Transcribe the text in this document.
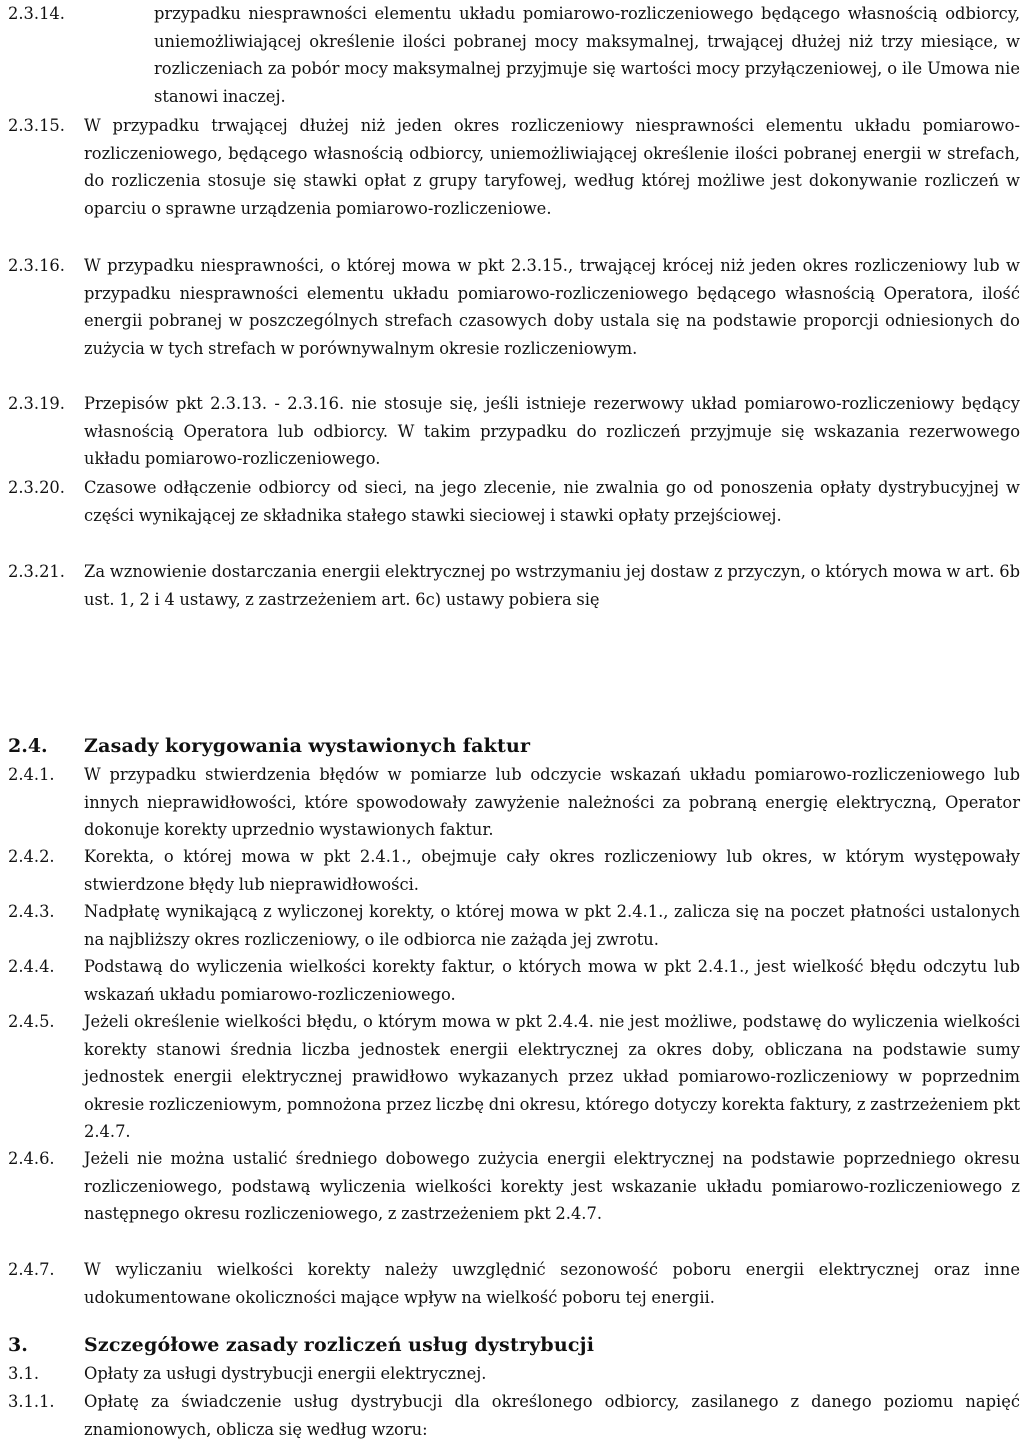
2.3.14.	przypadku niesprawności elementu układu pomiarowo-rozliczeniowego będącego własnością odbiorcy, uniemożliwiającej określenie ilości pobranej mocy maksymalnej, trwającej dłużej niż trzy miesiące, w rozliczeniach za pobór mocy maksymalnej przyjmuje się wartości mocy przyłączeniowej, o ile Umowa nie stanowi inaczej.
2.3.15. W przypadku trwającej dłużej niż jeden okres rozliczeniowy niesprawności elementu układu pomiarowo-rozliczeniowego, będącego własnością odbiorcy, uniemożliwiającej określenie ilości pobranej energii w strefach, do rozliczenia stosuje się stawki opłat z grupy taryfowej, według której możliwe jest dokonywanie rozliczeń w oparciu o sprawne urządzenia pomiarowo-rozliczeniowe.
2.3.16. W przypadku niesprawności, o której mowa w pkt 2.3.15., trwającej krócej niż jeden okres rozliczeniowy lub w przypadku niesprawności elementu układu pomiarowo-rozliczeniowego będącego własnością Operatora, ilość energii pobranej w poszczególnych strefach czasowych doby ustala się na podstawie proporcji odniesionych do zużycia w tych strefach w porównywalnym okresie rozliczeniowym.
2.3.19. Przepisów pkt 2.3.13. - 2.3.16. nie stosuje się, jeśli istnieje rezerwowy układ pomiarowo-rozliczeniowy będący własnością Operatora lub odbiorcy. W takim przypadku do rozliczeń przyjmuje się wskazania rezerwowego układu pomiarowo-rozliczeniowego.
2.3.20. Czasowe odłączenie odbiorcy od sieci, na jego zlecenie, nie zwalnia go od ponoszenia opłaty dystrybucyjnej w części wynikającej ze składnika stałego stawki sieciowej i stawki opłaty przejściowej.
2.3.21. Za wznowienie dostarczania energii elektrycznej po wstrzymaniu jej dostaw z przyczyn, o których mowa w art. 6b ust. 1, 2 i 4 ustawy, z zastrzeżeniem art. 6c) ustawy pobiera się
2.4. Zasady korygowania wystawionych faktur
2.4.1. W przypadku stwierdzenia błędów w pomiarze lub odczycie wskazań układu pomiarowo-rozliczeniowego lub innych nieprawidłowości, które spowodowały zawyżenie należności za pobraną energię elektryczną, Operator dokonuje korekty uprzednio wystawionych faktur.
2.4.2. Korekta, o której mowa w pkt 2.4.1., obejmuje cały okres rozliczeniowy lub okres, w którym występowały stwierdzone błędy lub nieprawidłowości.
2.4.3. Nadpłatę wynikającą z wyliczonej korekty, o której mowa w pkt 2.4.1., zalicza się na poczet płatności ustalonych na najbliższy okres rozliczeniowy, o ile odbiorca nie zażąda jej zwrotu.
2.4.4. Podstawą do wyliczenia wielkości korekty faktur, o których mowa w pkt 2.4.1., jest wielkość błędu odczytu lub wskazań układu pomiarowo-rozliczeniowego.
2.4.5. Jeżeli określenie wielkości błędu, o którym mowa w pkt 2.4.4. nie jest możliwe, podstawę do wyliczenia wielkości korekty stanowi średnia liczba jednostek energii elektrycznej za okres doby, obliczana na podstawie sumy jednostek energii elektrycznej prawidłowo wykazanych przez układ pomiarowo-rozliczeniowy w poprzednim okresie rozliczeniowym, pomnożona przez liczbę dni okresu, którego dotyczy korekta faktury, z zastrzeżeniem pkt 2.4.7.
2.4.6. Jeżeli nie można ustalić średniego dobowego zużycia energii elektrycznej na podstawie poprzedniego okresu rozliczeniowego, podstawą wyliczenia wielkości korekty jest wskazanie układu pomiarowo-rozliczeniowego z następnego okresu rozliczeniowego, z zastrzeżeniem pkt 2.4.7.
2.4.7. W wyliczaniu wielkości korekty należy uwzględnić sezonowość poboru energii elektrycznej oraz inne udokumentowane okoliczności mające wpływ na wielkość poboru tej energii.
3.	Szczegółowe zasady rozliczeń usług dystrybucji
3.1.	Opłaty za usługi dystrybucji energii elektrycznej.
3.1.1. Opłatę za świadczenie usług dystrybucji dla określonego odbiorcy, zasilanego z danego poziomu napięć znamionowych, oblicza się według wzoru:
